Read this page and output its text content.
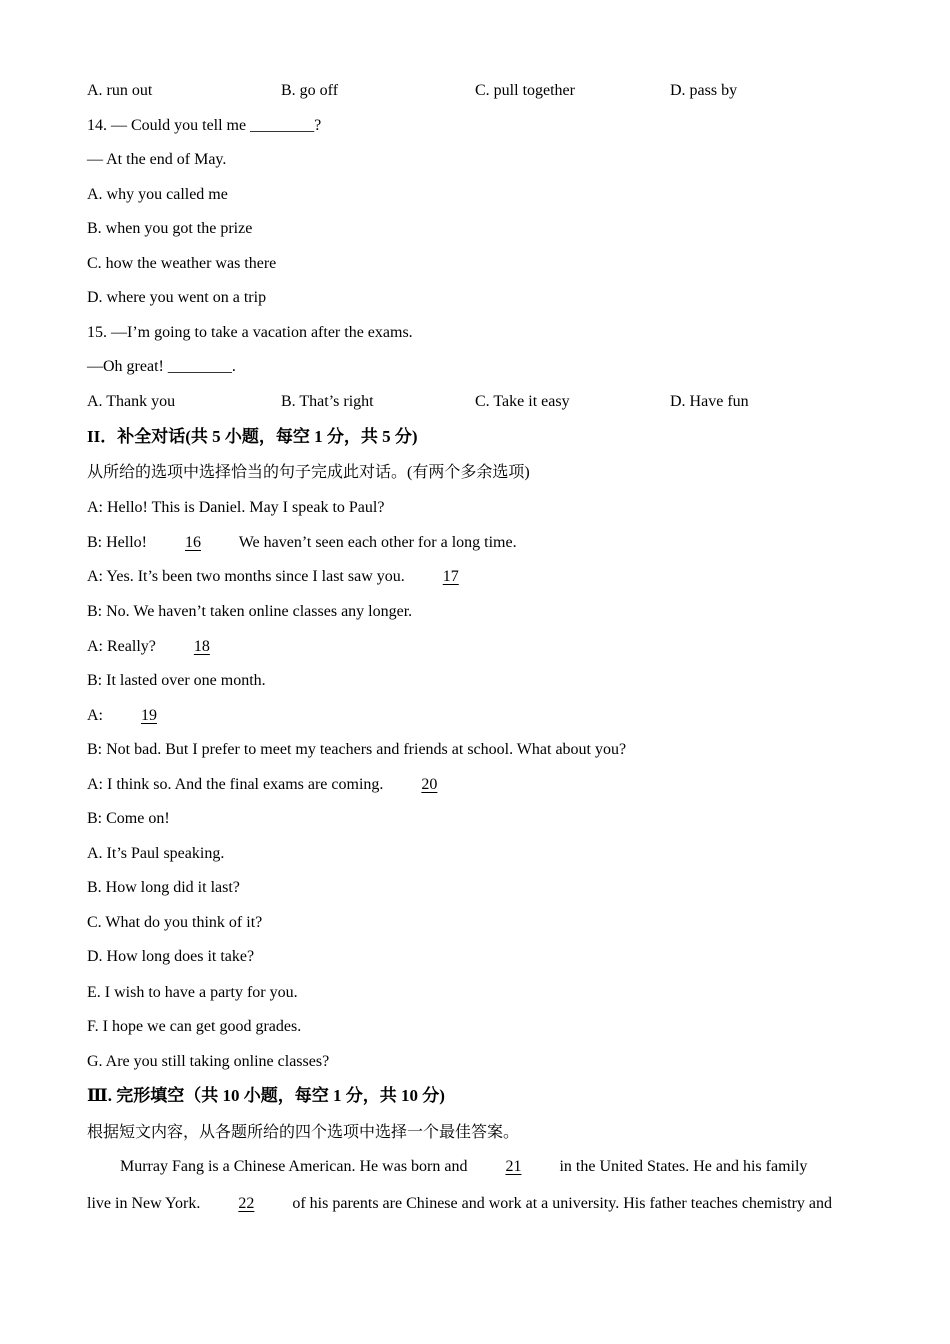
A. run out	B. go off	C. pull together	D. pass by
14. — Could you tell me ________?
— At the end of May.
A. why you called me
B. when you got the prize
C. how the weather was there
D. where you went on a trip
15. —I’m going to take a vacation after the exams.
—Oh great! ________.
A. Thank you	B. That’s right	C. Take it easy	D. Have fun
II．补全对话(共 5 小题，每空 1 分，共 5 分)
从所给的选项中选择恰当的句子完成此对话。(有两个多余选项)
A: Hello! This is Daniel. May I speak to Paul?
B: Hello! 16 We haven’t seen each other for a long time.
A: Yes. It’s been two months since I last saw you. 17
B: No. We haven’t taken online classes any longer.
A: Really? 18
B: It lasted over one month.
A: 19
B: Not bad. But I prefer to meet my teachers and friends at school. What about you?
A: I think so. And the final exams are coming. 20
B: Come on!
A. It’s Paul speaking.
B. How long did it last?
C. What do you think of it?
D. How long does it take?
E. I wish to have a party for you.
F. I hope we can get good grades.
G. Are you still taking online classes?
Ⅲ. 完形填空（共 10 小题，每空 1 分，共 10 分)
根据短文内容，从各题所给的四个选项中选择一个最佳答案。
Murray Fang is a Chinese American. He was born and 21 in the United States. He and his family
live in New York. 22 of his parents are Chinese and work at a university. His father teaches chemistry and
